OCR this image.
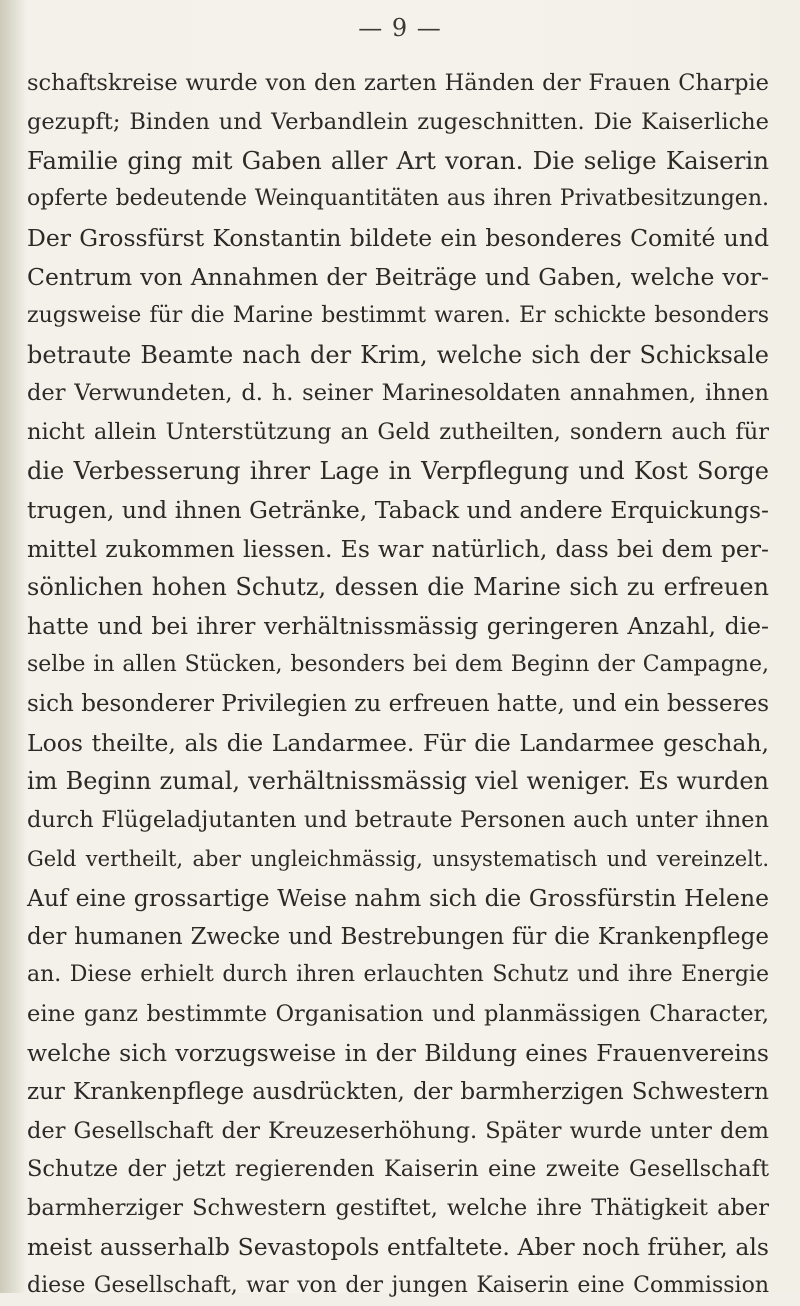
— 9 —
schaftskreise wurde von den zarten Händen der Frauen Charpie
gezupft; Binden und Verbandlein zugeschnitten. Die Kaiserliche
Familie ging mit Gaben aller Art voran. Die selige Kaiserin
opferte bedeutende Weinquantitäten aus ihren Privatbesitzungen.
Der Grossfürst Konstantin bildete ein besonderes Comité und
Centrum von Annahmen der Beiträge und Gaben, welche vor-
zugsweise für die Marine bestimmt waren. Er schickte besonders
betraute Beamte nach der Krim, welche sich der Schicksale
der Verwundeten, d. h. seiner Marinesoldaten annahmen, ihnen
nicht allein Unterstützung an Geld zutheilten, sondern auch für
die Verbesserung ihrer Lage in Verpflegung und Kost Sorge
trugen, und ihnen Getränke, Taback und andere Erquickungs-
mittel zukommen liessen. Es war natürlich, dass bei dem per-
sönlichen hohen Schutz, dessen die Marine sich zu erfreuen
hatte und bei ihrer verhältnissmässig geringeren Anzahl, die-
selbe in allen Stücken, besonders bei dem Beginn der Campagne,
sich besonderer Privilegien zu erfreuen hatte, und ein besseres
Loos theilte, als die Landarmee. Für die Landarmee geschah,
im Beginn zumal, verhältnissmässig viel weniger. Es wurden
durch Flügeladjutanten und betraute Personen auch unter ihnen
Geld vertheilt, aber ungleichmässig, unsystematisch und vereinzelt.
Auf eine grossartige Weise nahm sich die Grossfürstin Helene
der humanen Zwecke und Bestrebungen für die Krankenpflege
an. Diese erhielt durch ihren erlauchten Schutz und ihre Energie
eine ganz bestimmte Organisation und planmässigen Character,
welche sich vorzugsweise in der Bildung eines Frauenvereins
zur Krankenpflege ausdrückten, der barmherzigen Schwestern
der Gesellschaft der Kreuzeserhöhung. Später wurde unter dem
Schutze der jetzt regierenden Kaiserin eine zweite Gesellschaft
barmherziger Schwestern gestiftet, welche ihre Thätigkeit aber
meist ausserhalb Sevastopols entfaltete. Aber noch früher, als
diese Gesellschaft, war von der jungen Kaiserin eine Commission
